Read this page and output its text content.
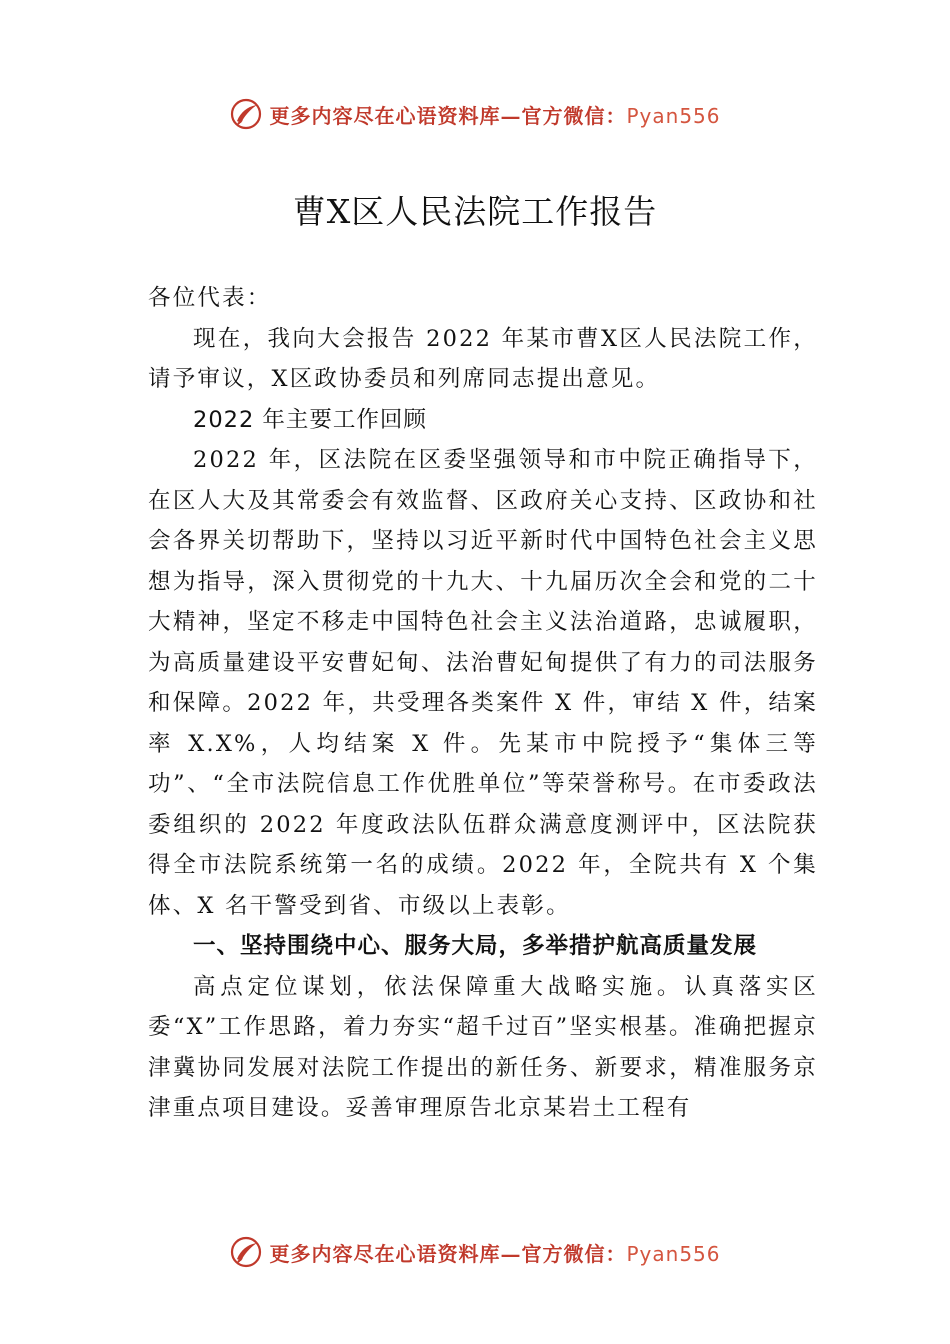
更多内容尽在心语资料库—官方微信：Pyan556
曹X区人民法院工作报告

各位代表：

现在，我向大会报告 2022 年某市曹X区人民法院工作，请予审议，X区政协委员和列席同志提出意见。

2022 年主要工作回顾

2022 年，区法院在区委坚强领导和市中院正确指导下，在区人大及其常委会有效监督、区政府关心支持、区政协和社会各界关切帮助下，坚持以习近平新时代中国特色社会主义思想为指导，深入贯彻党的十九大、十九届历次全会和党的二十大精神，坚定不移走中国特色社会主义法治道路，忠诚履职，为高质量建设平安曹妃甸、法治曹妃甸提供了有力的司法服务和保障。2022 年，共受理各类案件 X 件，审结 X 件，结案率 X.X%，人均结案 X 件。先某市中院授予“集体三等功”、“全市法院信息工作优胜单位”等荣誉称号。在市委政法委组织的 2022 年度政法队伍群众满意度测评中，区法院获得全市法院系统第一名的成绩。2022 年，全院共有 X 个集体、X 名干警受到省、市级以上表彰。

一、坚持围绕中心、服务大局，多举措护航高质量发展

高点定位谋划，依法保障重大战略实施。认真落实区委“X”工作思路，着力夯实“超千过百”坚实根基。准确把握京津冀协同发展对法院工作提出的新任务、新要求，精准服务京津重点项目建设。妥善审理原告北京某岩土工程有

更多内容尽在心语资料库—官方微信：Pyan556
